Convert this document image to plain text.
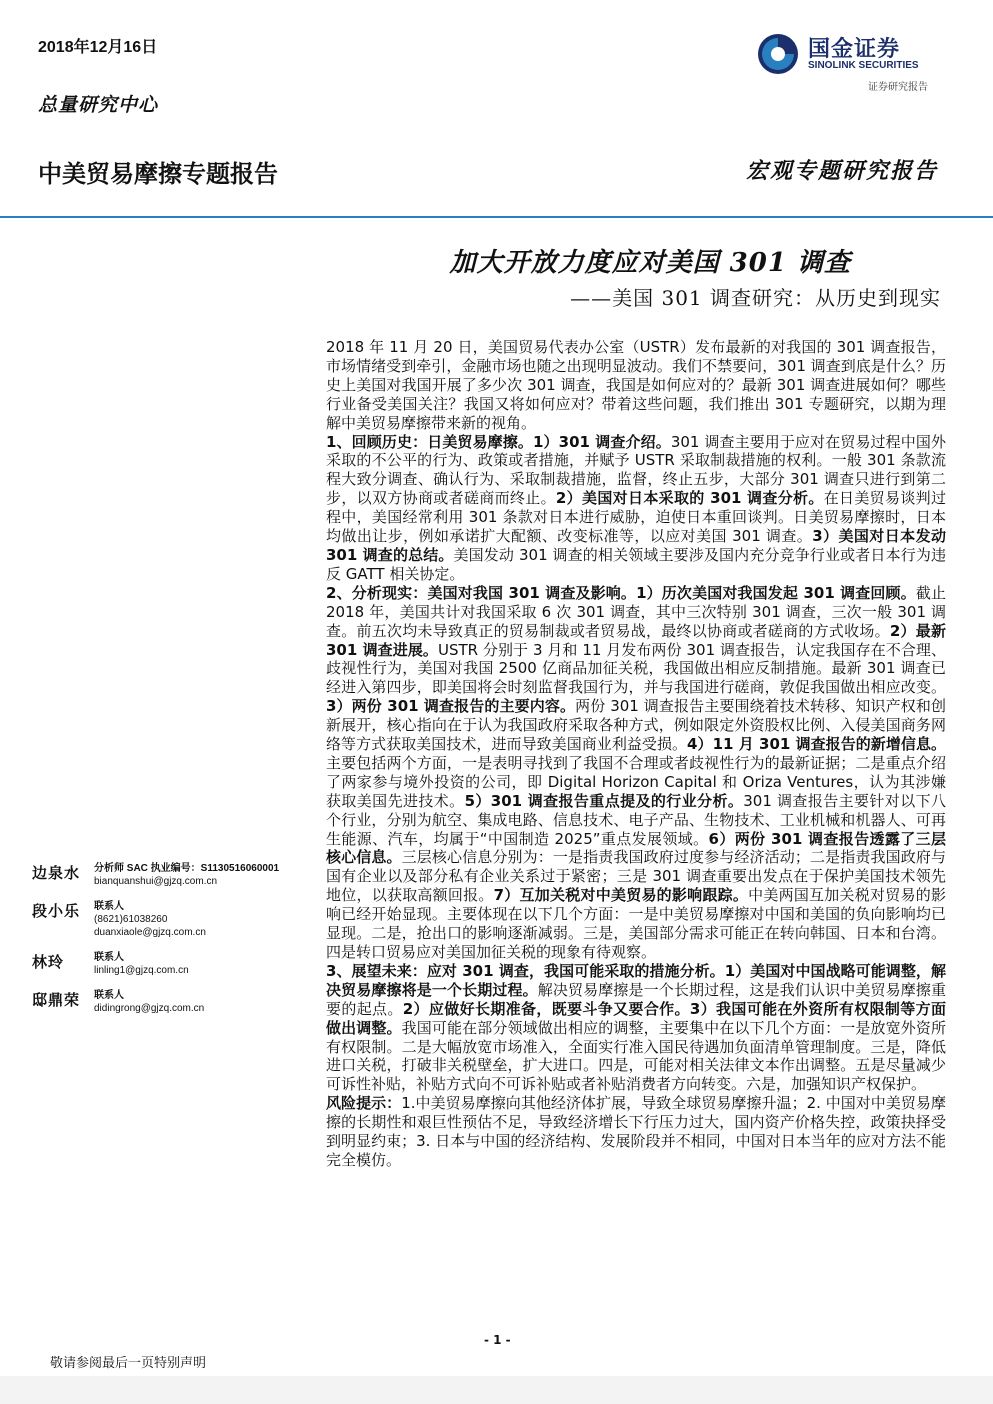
2018年12月16日
总量研究中心
中美贸易摩擦专题报告
国金证券
SINOLINK SECURITIES
证券研究报告
宏观专题研究报告
加大开放力度应对美国 301 调查
——美国 301 调查研究：从历史到现实

2018 年 11 月 20 日，美国贸易代表办公室（USTR）发布最新的对我国的 301 调查报告，市场情绪受到牵引，金融市场也随之出现明显波动。我们不禁要问，301 调查到底是什么？历史上美国对我国开展了多少次 301 调查，我国是如何应对的？最新 301 调查进展如何？哪些行业备受美国关注？我国又将如何应对？带着这些问题，我们推出 301 专题研究，以期为理解中美贸易摩擦带来新的视角。

1、回顾历史：日美贸易摩擦。1）301 调查介绍。301 调查主要用于应对在贸易过程中国外采取的不公平的行为、政策或者措施，并赋予 USTR 采取制裁措施的权利。一般 301 条款流程大致分调查、确认行为、采取制裁措施，监督，终止五步，大部分 301 调查只进行到第二步，以双方协商或者磋商而终止。2）美国对日本采取的 301 调查分析。在日美贸易谈判过程中，美国经常利用 301 条款对日本进行威胁，迫使日本重回谈判。日美贸易摩擦时，日本均做出让步，例如承诺扩大配额、改变标准等，以应对美国 301 调查。3）美国对日本发动 301 调查的总结。美国发动 301 调查的相关领域主要涉及国内充分竞争行业或者日本行为违反 GATT 相关协定。

2、分析现实：美国对我国 301 调查及影响。1）历次美国对我国发起 301 调查回顾。截止 2018 年，美国共计对我国采取 6 次 301 调查，其中三次特别 301 调查，三次一般 301 调查。前五次均未导致真正的贸易制裁或者贸易战，最终以协商或者磋商的方式收场。2）最新 301 调查进展。USTR 分别于 3 月和 11 月发布两份 301 调查报告，认定我国存在不合理、歧视性行为，美国对我国 2500 亿商品加征关税，我国做出相应反制措施。最新 301 调查已经进入第四步，即美国将会时刻监督我国行为，并与我国进行磋商，敦促我国做出相应改变。3）两份 301 调查报告的主要内容。两份 301 调查报告主要围绕着技术转移、知识产权和创新展开，核心指向在于认为我国政府采取各种方式，例如限定外资股权比例、入侵美国商务网络等方式获取美国技术，进而导致美国商业利益受损。4）11 月 301 调查报告的新增信息。主要包括两个方面，一是表明寻找到了我国不合理或者歧视性行为的最新证据；二是重点介绍了两家参与境外投资的公司，即 Digital Horizon Capital 和 Oriza Ventures，认为其涉嫌获取美国先进技术。5）301 调查报告重点提及的行业分析。301 调查报告主要针对以下八个行业，分别为航空、集成电路、信息技术、电子产品、生物技术、工业机械和机器人、可再生能源、汽车，均属于“中国制造 2025”重点发展领域。6）两份 301 调查报告透露了三层核心信息。三层核心信息分别为：一是指责我国政府过度参与经济活动；二是指责我国政府与国有企业以及部分私有企业关系过于紧密；三是 301 调查重要出发点在于保护美国技术领先地位，以获取高额回报。7）互加关税对中美贸易的影响跟踪。中美两国互加关税对贸易的影响已经开始显现。主要体现在以下几个方面：一是中美贸易摩擦对中国和美国的负向影响均已显现。二是，抢出口的影响逐渐减弱。三是，美国部分需求可能正在转向韩国、日本和台湾。四是转口贸易应对美国加征关税的现象有待观察。

3、展望未来：应对 301 调查，我国可能采取的措施分析。1）美国对中国战略可能调整，解决贸易摩擦将是一个长期过程。解决贸易摩擦是一个长期过程，这是我们认识中美贸易摩擦重要的起点。2）应做好长期准备，既要斗争又要合作。3）我国可能在外资所有权限制等方面做出调整。我国可能在部分领域做出相应的调整，主要集中在以下几个方面：一是放宽外资所有权限制。二是大幅放宽市场准入，全面实行准入国民待遇加负面清单管理制度。三是，降低进口关税，打破非关税壁垒，扩大进口。四是，可能对相关法律文本作出调整。五是尽量减少可诉性补贴，补贴方式向不可诉补贴或者补贴消费者方向转变。六是，加强知识产权保护。

风险提示：1.中美贸易摩擦向其他经济体扩展，导致全球贸易摩擦升温；2. 中国对中美贸易摩擦的长期性和艰巨性预估不足，导致经济增长下行压力过大，国内资产价格失控，政策抉择受到明显约束；3. 日本与中国的经济结构、发展阶段并不相同，中国对日本当年的应对方法不能完全模仿。

边泉水	分析师 SAC 执业编号：S1130516060001
bianquanshui@gjzq.com.cn
段小乐	联系人
(8621)61038260
duanxiaole@gjzq.com.cn
林玲	联系人
linling1@gjzq.com.cn
邸鼎荣	联系人
didingrong@gjzq.com.cn
- 1 -
敬请参阅最后一页特别声明
